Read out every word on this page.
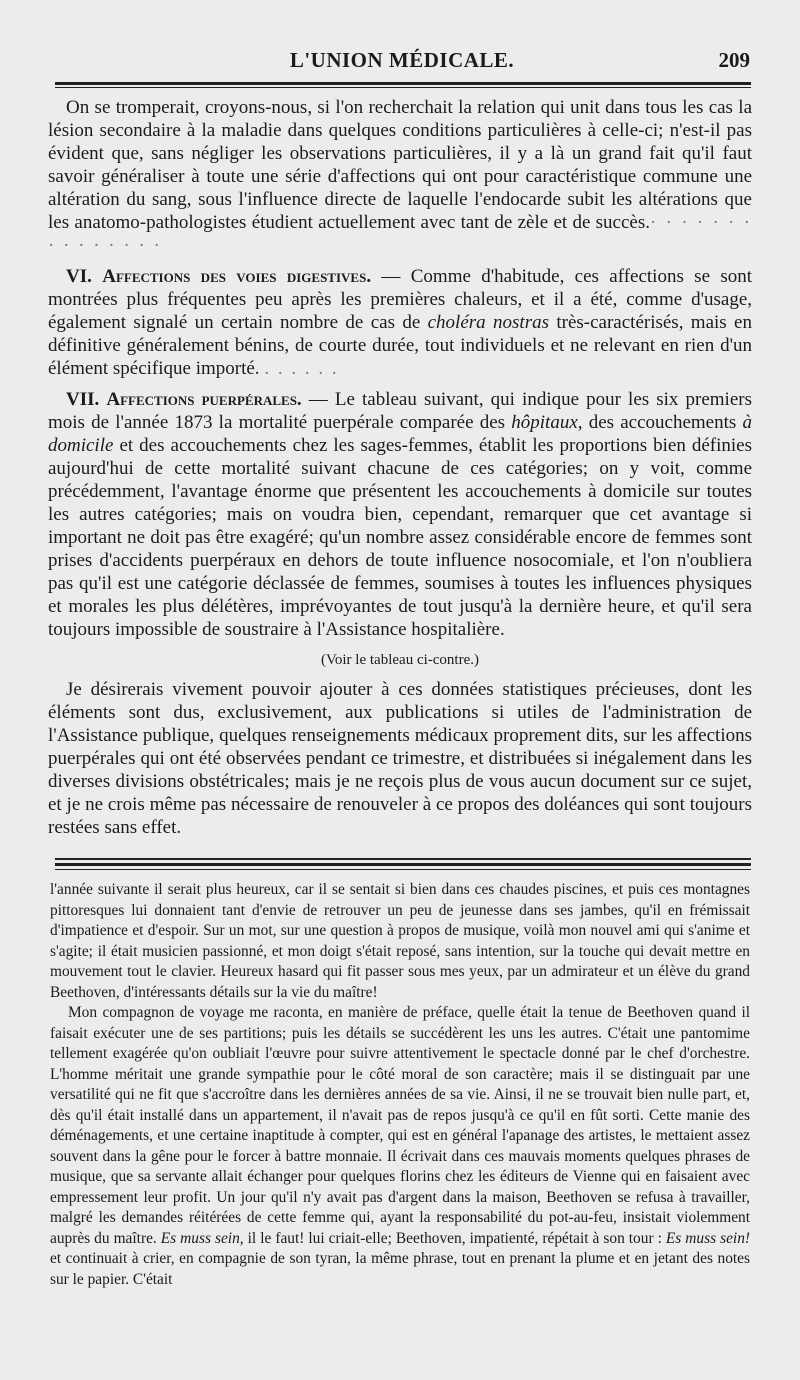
L'UNION MÉDICALE.	209

On se tromperait, croyons-nous, si l'on recherchait la relation qui unit dans tous les cas la lésion secondaire à la maladie dans quelques conditions particulières à celle-ci; n'est-il pas évident que, sans négliger les observations particulières, il y a là un grand fait qu'il faut savoir généraliser à toute une série d'affections qui ont pour caractéristique commune une altération du sang, sous l'influence directe de laquelle l'endocarde subit les altérations que les anatomo-pathologistes étudient actuellement avec tant de zèle et de succès.· · · · · · · · · · · · · · ·

VI. Affections des voies digestives. — Comme d'habitude, ces affections se sont montrées plus fréquentes peu après les premières chaleurs, et il a été, comme d'usage, également signalé un certain nombre de cas de choléra nostras très-caractérisés, mais en définitive généralement bénins, de courte durée, tout individuels et ne relevant en rien d'un élément spécifique importé. . . . . . .

VII. Affections puerpérales. — Le tableau suivant, qui indique pour les six premiers mois de l'année 1873 la mortalité puerpérale comparée des hôpitaux, des accouchements à domicile et des accouchements chez les sages-femmes, établit les proportions bien définies aujourd'hui de cette mortalité suivant chacune de ces catégories; on y voit, comme précédemment, l'avantage énorme que présentent les accouchements à domicile sur toutes les autres catégories; mais on voudra bien, cependant, remarquer que cet avantage si important ne doit pas être exagéré; qu'un nombre assez considérable encore de femmes sont prises d'accidents puerpéraux en dehors de toute influence nosocomiale, et l'on n'oubliera pas qu'il est une catégorie déclassée de femmes, soumises à toutes les influences physiques et morales les plus délétères, imprévoyantes de tout jusqu'à la dernière heure, et qu'il sera toujours impossible de soustraire à l'Assistance hospitalière.

(Voir le tableau ci-contre.)

Je désirerais vivement pouvoir ajouter à ces données statistiques précieuses, dont les éléments sont dus, exclusivement, aux publications si utiles de l'administration de l'Assistance publique, quelques renseignements médicaux proprement dits, sur les affections puerpérales qui ont été observées pendant ce trimestre, et distribuées si inégalement dans les diverses divisions obstétricales; mais je ne reçois plus de vous aucun document sur ce sujet, et je ne crois même pas nécessaire de renouveler à ce propos des doléances qui sont toujours restées sans effet.

l'année suivante il serait plus heureux, car il se sentait si bien dans ces chaudes piscines, et puis ces montagnes pittoresques lui donnaient tant d'envie de retrouver un peu de jeunesse dans ses jambes, qu'il en frémissait d'impatience et d'espoir. Sur un mot, sur une question à propos de musique, voilà mon nouvel ami qui s'anime et s'agite; il était musicien passionné, et mon doigt s'était reposé, sans intention, sur la touche qui devait mettre en mouvement tout le clavier. Heureux hasard qui fit passer sous mes yeux, par un admirateur et un élève du grand Beethoven, d'intéressants détails sur la vie du maître!

Mon compagnon de voyage me raconta, en manière de préface, quelle était la tenue de Beethoven quand il faisait exécuter une de ses partitions; puis les détails se succédèrent les uns les autres. C'était une pantomime tellement exagérée qu'on oubliait l'œuvre pour suivre attentivement le spectacle donné par le chef d'orchestre. L'homme méritait une grande sympathie pour le côté moral de son caractère; mais il se distinguait par une versatilité qui ne fit que s'accroître dans les dernières années de sa vie. Ainsi, il ne se trouvait bien nulle part, et, dès qu'il était installé dans un appartement, il n'avait pas de repos jusqu'à ce qu'il en fût sorti. Cette manie des déménagements, et une certaine inaptitude à compter, qui est en général l'apanage des artistes, le mettaient assez souvent dans la gêne pour le forcer à battre monnaie. Il écrivait dans ces mauvais moments quelques phrases de musique, que sa servante allait échanger pour quelques florins chez les éditeurs de Vienne qui en faisaient avec empressement leur profit. Un jour qu'il n'y avait pas d'argent dans la maison, Beethoven se refusa à travailler, malgré les demandes réitérées de cette femme qui, ayant la responsabilité du pot-au-feu, insistait violemment auprès du maître. Es muss sein, il le faut! lui criait-elle; Beethoven, impatienté, répétait à son tour : Es muss sein! et continuait à crier, en compagnie de son tyran, la même phrase, tout en prenant la plume et en jetant des notes sur le papier. C'était
